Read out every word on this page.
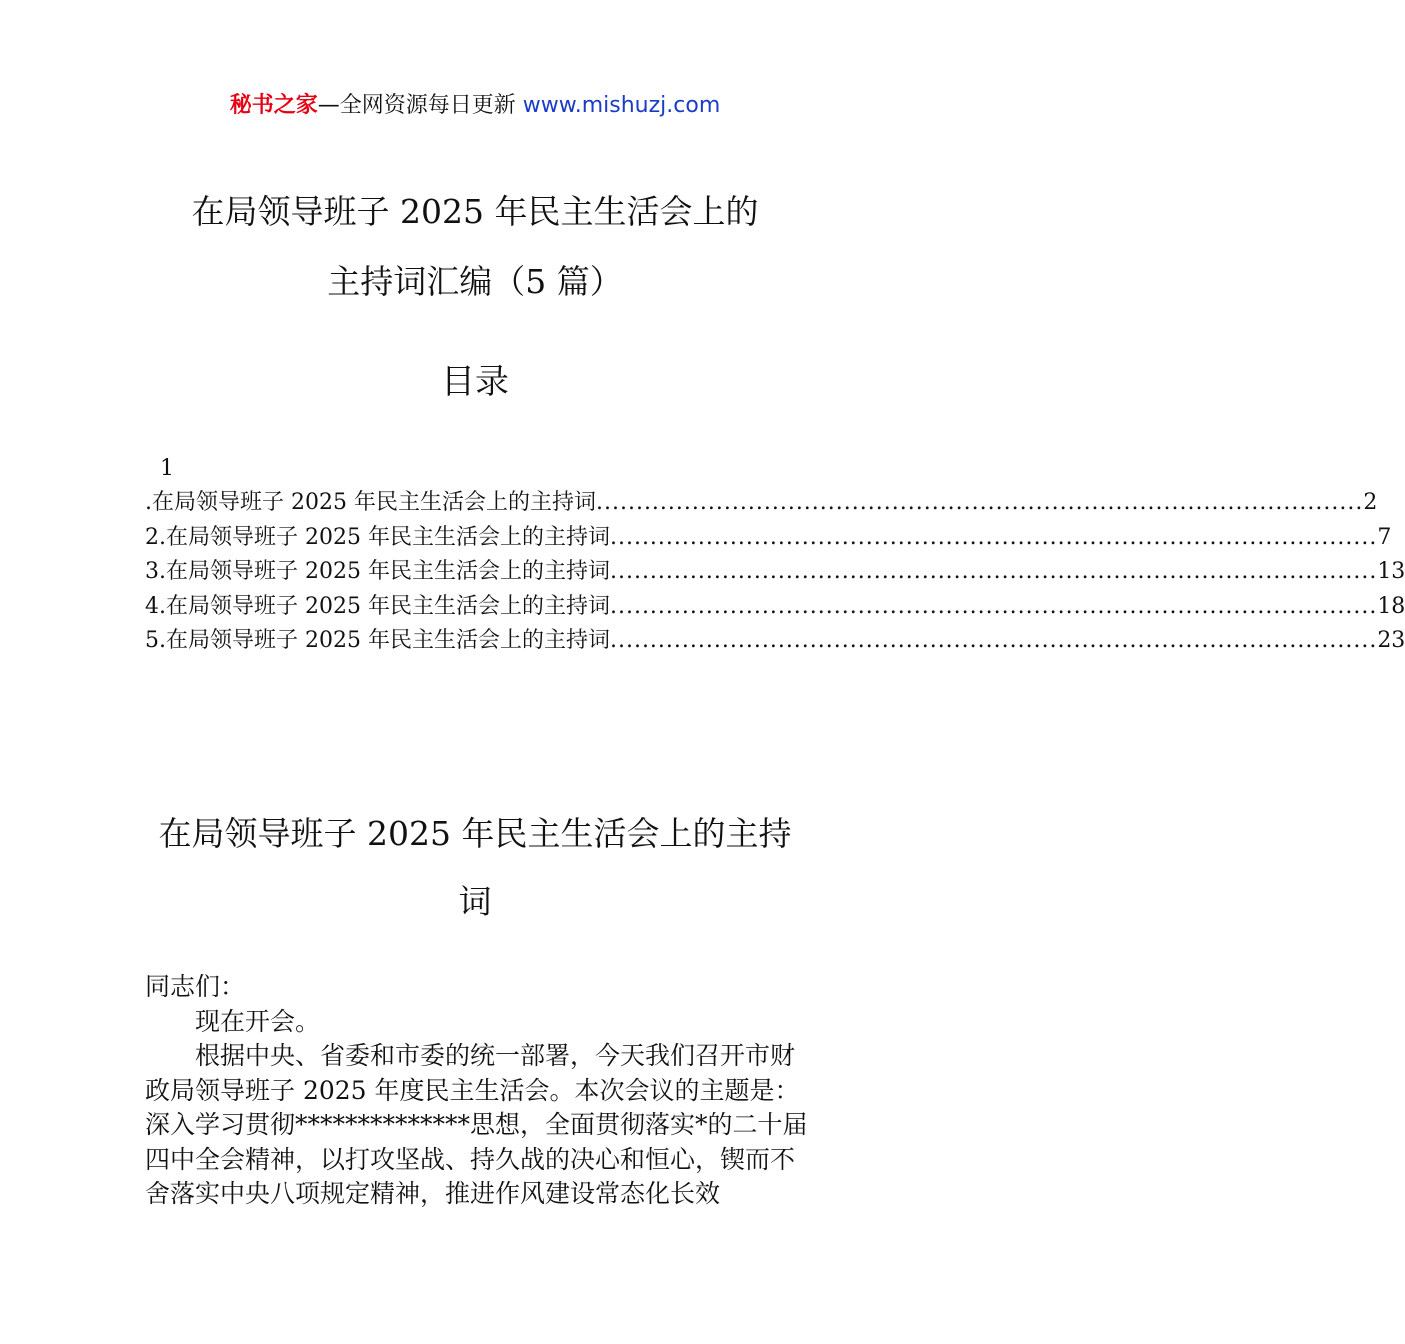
秘书之家—全网资源每日更新 www.mishuzj.com
在局领导班子 2025 年民主生活会上的
主持词汇编（5 篇）
目录
1
.在局领导班子 2025 年民主生活会上的主持词 ................................................................................................ 2
2.在局领导班子 2025 年民主生活会上的主持词 ................................................................................................ 7
3.在局领导班子 2025 年民主生活会上的主持词 ................................................................................................ 13
4.在局领导班子 2025 年民主生活会上的主持词 ................................................................................................ 18
5.在局领导班子 2025 年民主生活会上的主持词 ................................................................................................ 23
在局领导班子 2025 年民主生活会上的主持
词

同志们：

现在开会。

根据中央、省委和市委的统一部署，今天我们召开市财政局领导班子 2025 年度民主生活会。本次会议的主题是：深入学习贯彻**************思想，全面贯彻落实*的二十届四中全会精神，以打攻坚战、持久战的决心和恒心，锲而不舍落实中央八项规定精神，推进作风建设常态化长效
